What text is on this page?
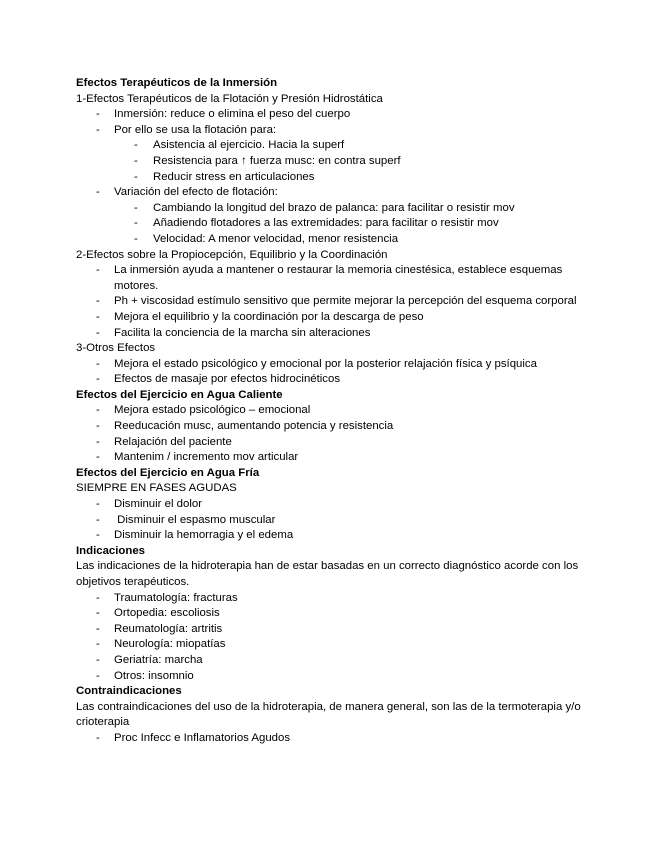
Efectos Terapéuticos de la Inmersión
1-Efectos Terapéuticos de la Flotación y Presión Hidrostática
- Inmersión: reduce o elimina el peso del cuerpo
- Por ello se usa la flotación para:
- Asistencia al ejercicio. Hacia la superf
- Resistencia para ↑ fuerza musc: en contra superf
- Reducir stress en articulaciones
- Variación del efecto de flotación:
- Cambiando la longitud del brazo de palanca: para facilitar o resistir mov
- Añadiendo flotadores a las extremidades: para facilitar o resistir mov
- Velocidad: A menor velocidad, menor resistencia
2-Efectos sobre la Propiocepción, Equilibrio y la Coordinación
- La inmersión ayuda a mantener o restaurar la memoria cinestésica, establece esquemas motores.
- Ph + viscosidad estímulo sensitivo que permite mejorar la percepción del esquema corporal
- Mejora el equilibrio y la coordinación por la descarga de peso
- Facilita la conciencia de la marcha sin alteraciones
3-Otros Efectos
- Mejora el estado psicológico y emocional por la posterior relajación física y psíquica
- Efectos de masaje por efectos hidrocinéticos
Efectos del Ejercicio en Agua Caliente
- Mejora estado psicológico – emocional
- Reeducación musc, aumentando potencia y resistencia
- Relajación del paciente
- Mantenim / incremento mov articular
Efectos del Ejercicio en Agua Fría
SIEMPRE EN FASES AGUDAS
- Disminuir el dolor
- Disminuir el espasmo muscular
- Disminuir la hemorragia y el edema
Indicaciones
Las indicaciones de la hidroterapia han de estar basadas en un correcto diagnóstico acorde con los objetivos terapéuticos.
- Traumatología: fracturas
- Ortopedia: escoliosis
- Reumatología: artritis
- Neurología: miopatías
- Geriatría: marcha
- Otros: insomnio
Contraindicaciones
Las contraindicaciones del uso de la hidroterapia, de manera general, son las de la termoterapia y/o crioterapia
- Proc Infecc e Inflamatorios Agudos
